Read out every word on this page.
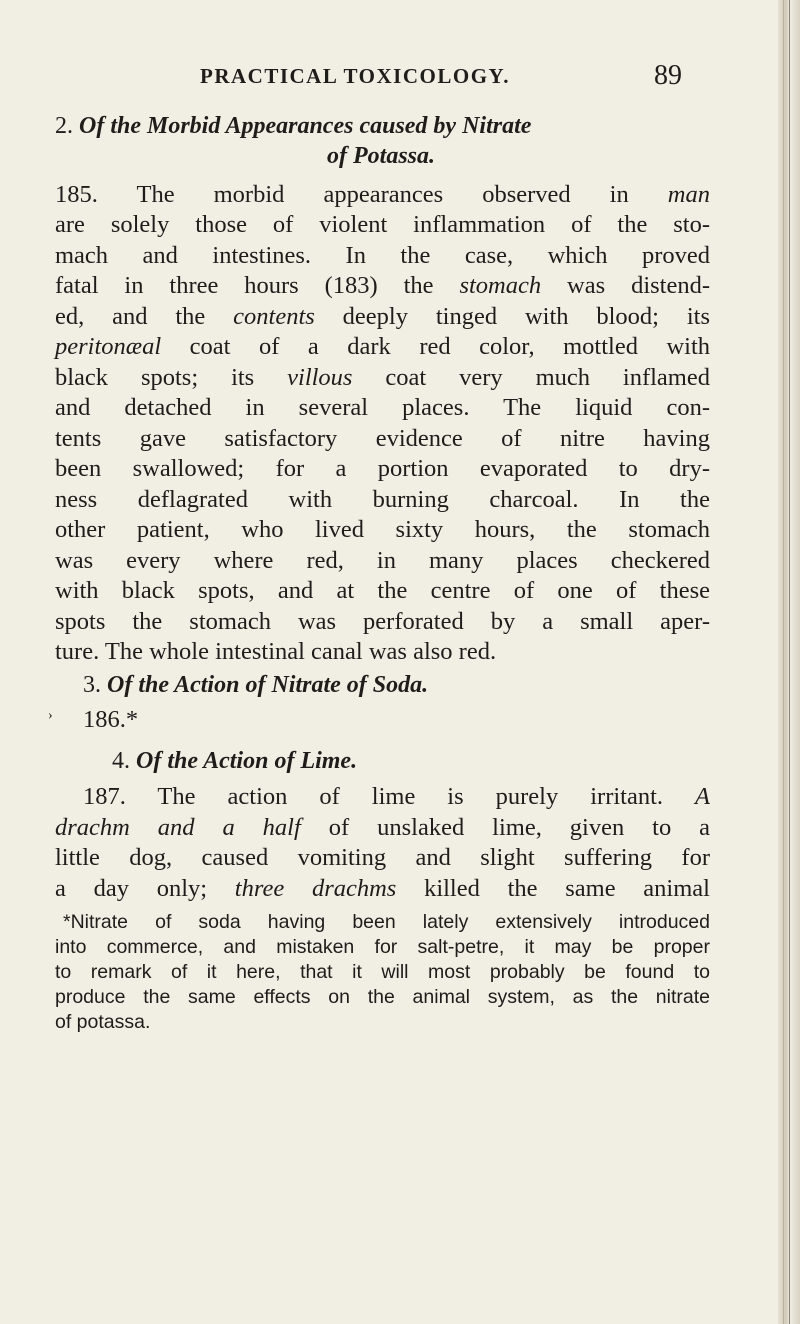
PRACTICAL TOXICOLOGY.	89
2. Of the Morbid Appearances caused by Nitrate
of Potassa.
185. The morbid appearances observed in man
are solely those of violent inflammation of the sto-
mach and intestines. In the case, which proved
fatal in three hours (183) the stomach was distend-
ed, and the contents deeply tinged with blood; its
peritonæal coat of a dark red color, mottled with
black spots; its villous coat very much inflamed
and detached in several places. The liquid con-
tents gave satisfactory evidence of nitre having
been swallowed; for a portion evaporated to dry-
ness deflagrated with burning charcoal. In the
other patient, who lived sixty hours, the stomach
was every where red, in many places checkered
with black spots, and at the centre of one of these
spots the stomach was perforated by a small aper-
ture. The whole intestinal canal was also red.
3. Of the Action of Nitrate of Soda.
186.*
›
4. Of the Action of Lime.
187. The action of lime is purely irritant. A
drachm and a half of unslaked lime, given to a
little dog, caused vomiting and slight suffering for
a day only; three drachms killed the same animal
*Nitrate of soda having been lately extensively introduced
into commerce, and mistaken for salt-petre, it may be proper
to remark of it here, that it will most probably be found to
produce the same effects on the animal system, as the nitrate
of potassa.
